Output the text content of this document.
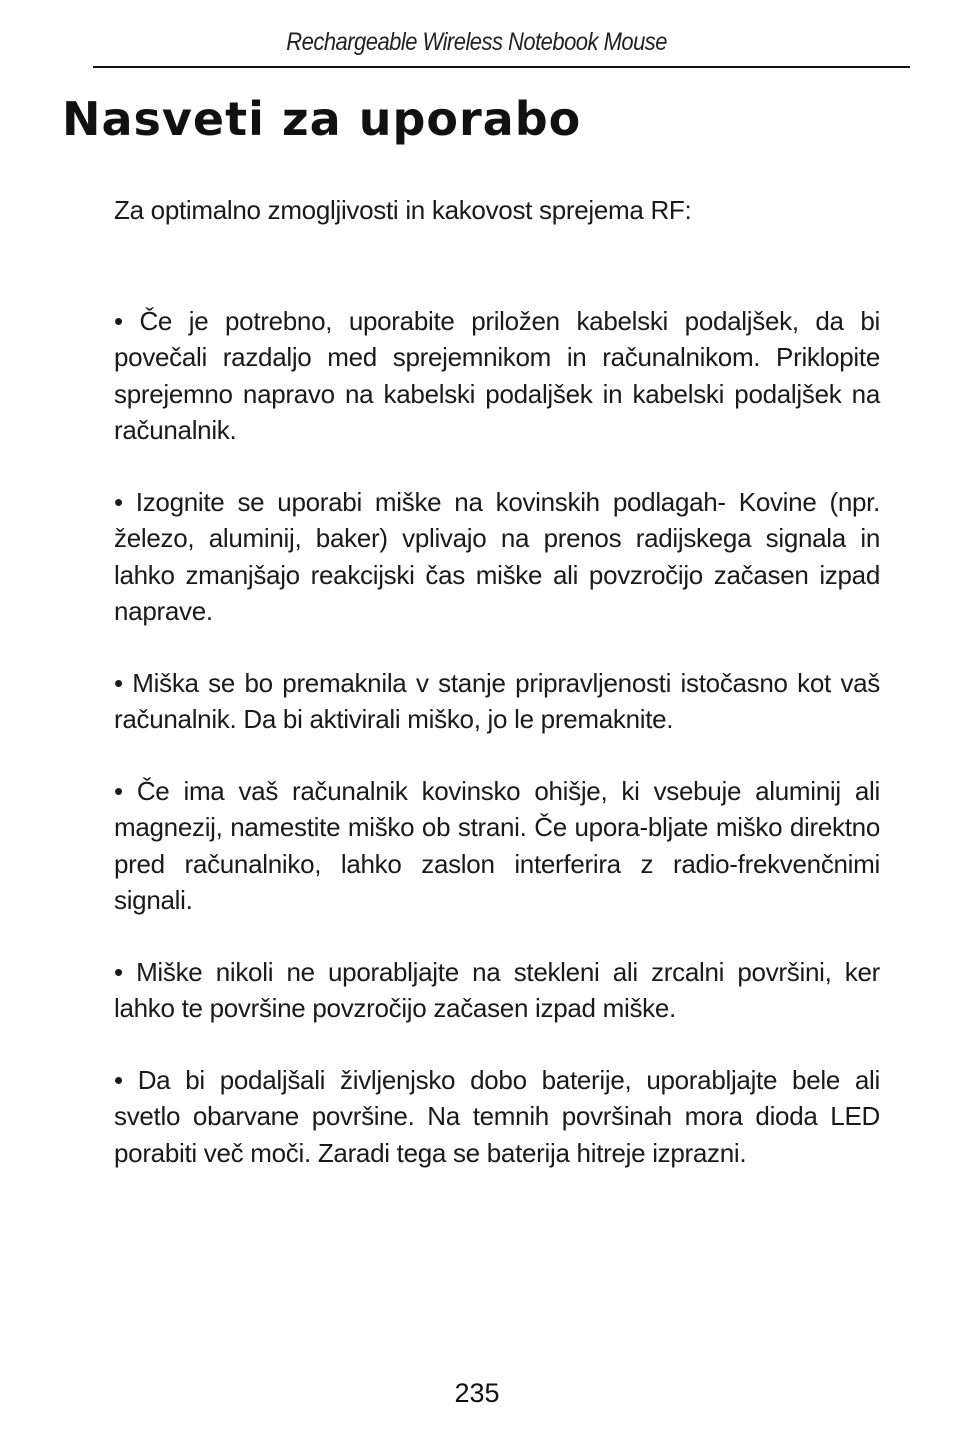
Rechargeable Wireless Notebook Mouse
Nasveti za uporabo

Za optimalno zmogljivosti in kakovost sprejema RF:

• Če je potrebno, uporabite priložen kabelski podaljšek, da bi povečali razdaljo med sprejemnikom in računalnikom. Priklopite sprejemno napravo na kabelski podaljšek in kabelski podaljšek na računalnik.

• Izognite se uporabi miške na kovinskih podlagah- Kovine (npr. železo, aluminij, baker) vplivajo na prenos radijskega signala in lahko zmanjšajo reakcijski čas miške ali povzročijo začasen izpad naprave.

• Miška se bo premaknila v stanje pripravljenosti istočasno kot vaš računalnik. Da bi aktivirali miško, jo le premaknite.

• Če ima vaš računalnik kovinsko ohišje, ki vsebuje aluminij ali magnezij, namestite miško ob strani. Če upora-bljate miško direktno pred računalniko, lahko zaslon interferira z radio-frekvenčnimi signali.

• Miške nikoli ne uporabljajte na stekleni ali zrcalni površini, ker lahko te površine povzročijo začasen izpad miške.

• Da bi podaljšali življenjsko dobo baterije, uporabljajte bele ali svetlo obarvane površine. Na temnih površinah mora dioda LED porabiti več moči. Zaradi tega se baterija hitreje izprazni.

235
